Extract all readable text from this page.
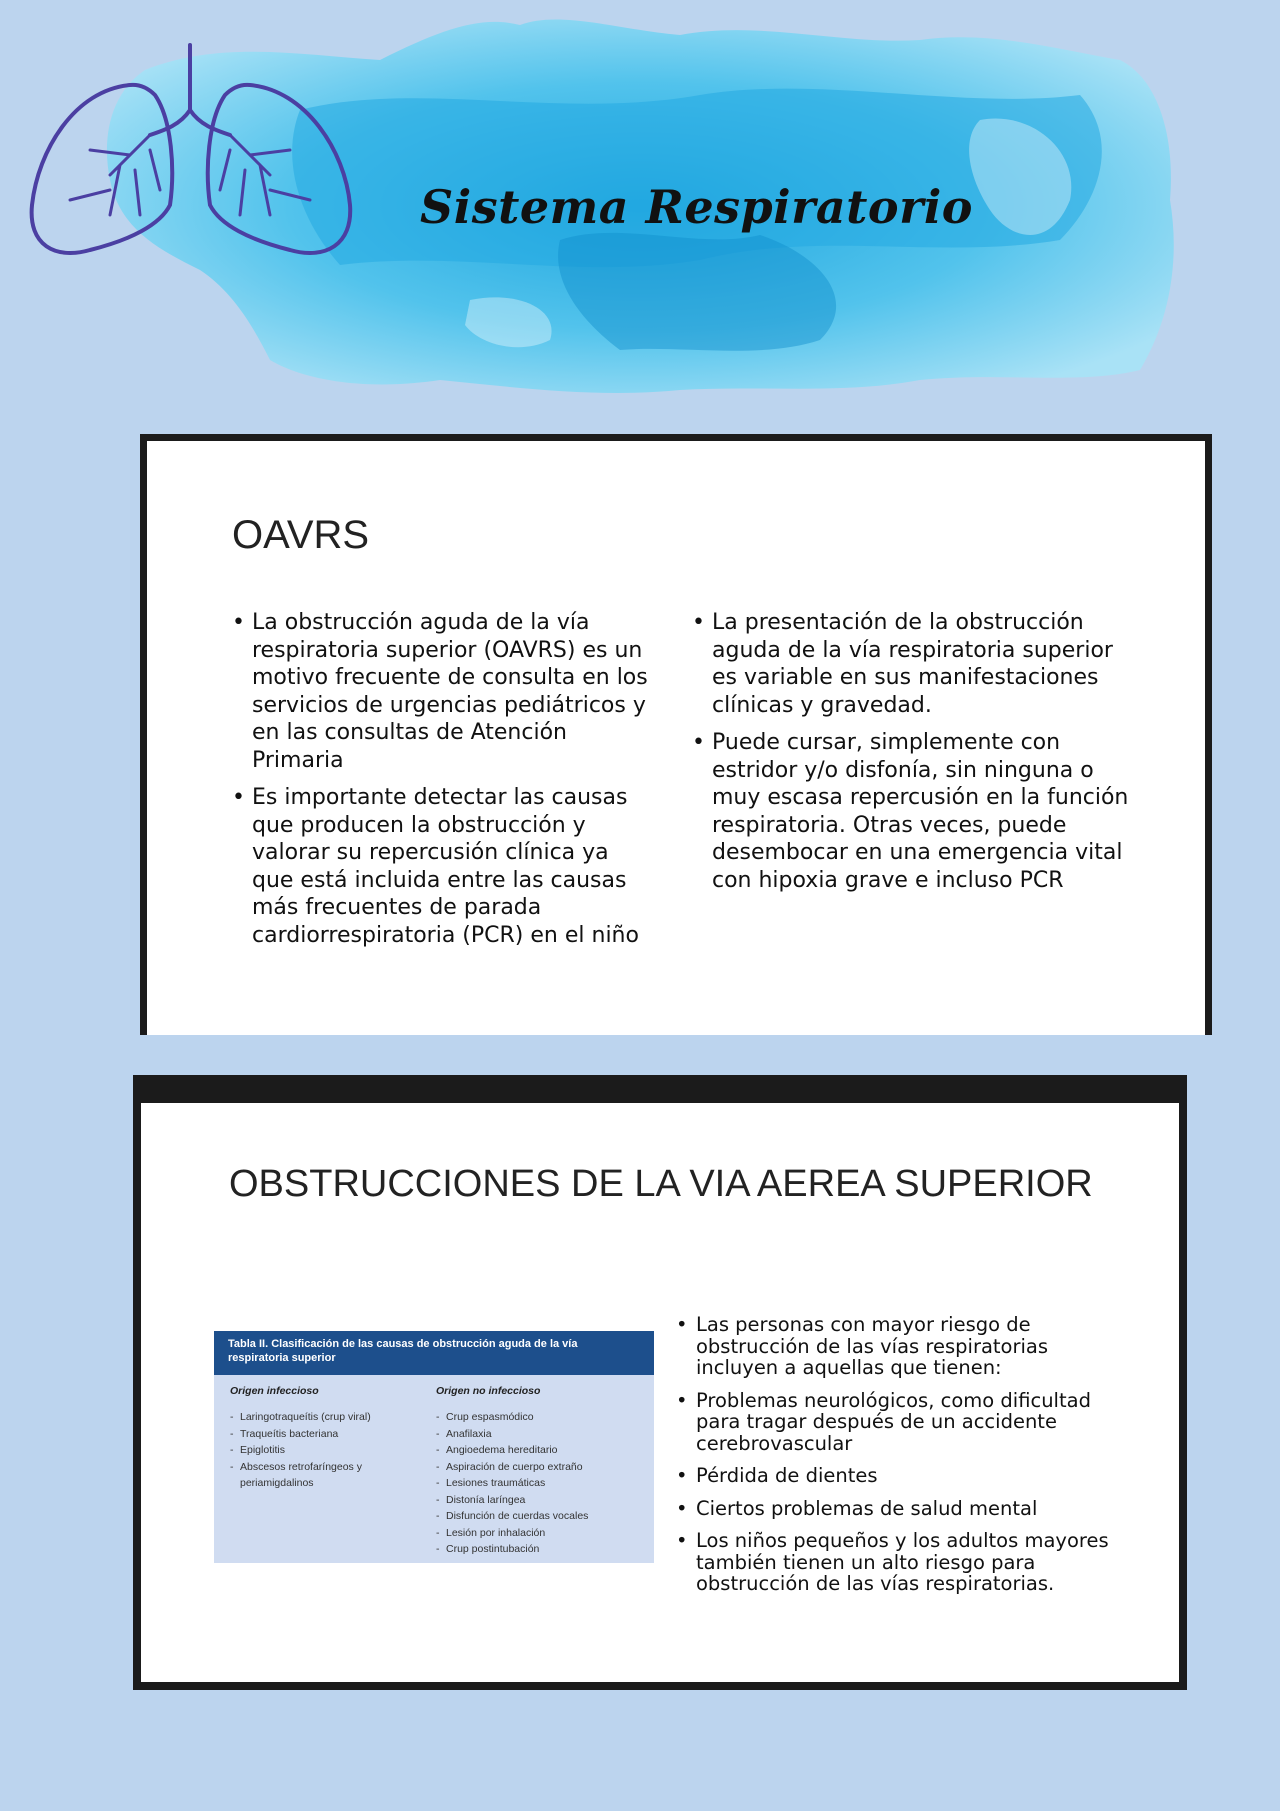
Sistema Respiratorio
OAVRS
• La obstrucción aguda de la vía respiratoria superior (OAVRS) es un motivo frecuente de consulta en los servicios de urgencias pediátricos y en las consultas de Atención Primaria
• Es importante detectar las causas que producen la obstrucción y valorar su repercusión clínica ya que está incluida entre las causas más frecuentes de parada cardiorrespiratoria (PCR) en el niño
• La presentación de la obstrucción aguda de la vía respiratoria superior es variable en sus manifestaciones clínicas y gravedad.
• Puede cursar, simplemente con estridor y/o disfonía, sin ninguna o muy escasa repercusión en la función respiratoria. Otras veces, puede desembocar en una emergencia vital con hipoxia grave e incluso PCR
OBSTRUCCIONES DE LA VIA AEREA SUPERIOR
Tabla II. Clasificación de las causas de obstrucción aguda de la vía respiratoria superior
Origen infeccioso
- Laringotraqueítis (crup viral)
- Traqueítis bacteriana
- Epiglotitis
- Abscesos retrofaríngeos y periamigdalinos
Origen no infeccioso
- Crup espasmódico
- Anafilaxia
- Angioedema hereditario
- Aspiración de cuerpo extraño
- Lesiones traumáticas
- Distonía laríngea
- Disfunción de cuerdas vocales
- Lesión por inhalación
- Crup postintubación
• Las personas con mayor riesgo de obstrucción de las vías respiratorias incluyen a aquellas que tienen:
• Problemas neurológicos, como dificultad para tragar después de un accidente cerebrovascular
• Pérdida de dientes
• Ciertos problemas de salud mental
• Los niños pequeños y los adultos mayores también tienen un alto riesgo para obstrucción de las vías respiratorias.
